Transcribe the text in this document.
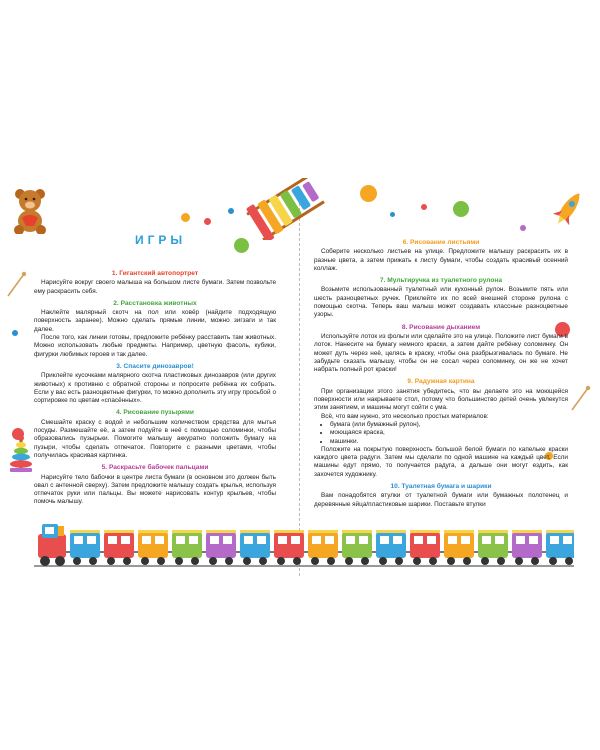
ИГРЫ
1. Гигантский автопортрет

Нарисуйте вокруг своего малыша на большом листе бумаги. Затем позвольте ему раскрасить себя.

2. Расстановка животных

Наклейте малярный скотч на пол или ковёр (найдите подходящую поверхность заранее). Можно сделать прямые линии, можно зигзаги и так далее.

После того, как линии готовы, предложите ребёнку расставить там животных. Можно использовать любые предметы. Например, цветную фасоль, кубики, фигурки любимых героев и так далее.

3. Спасите динозавров!

Приклейте кусочками малярного скотча пластиковых динозавров (или других животных) к противню с обратной стороны и попросите ребёнка их собрать. Если у вас есть разноцветные фигурки, то можно дополнить эту игру просьбой о сортировке по цветам «спасённых».

4. Рисование пузырями

Смешайте краску с водой и небольшим количеством средства для мытья посуды. Размешайте её, а затем подуйте в неё с помощью соломинки, чтобы образовались пузырьки. Помогите малышу аккуратно положить бумагу на пузыри, чтобы сделать отпечаток. Повторите с разными цветами, чтобы получилась красивая картинка.

5. Раскрасьте бабочек пальцами

Нарисуйте тело бабочки в центре листа бумаги (в основном это должен быть овал с антенной сверху). Затем предложите малышу создать крылья, используя отпечаток руки или пальцы. Вы можете нарисовать контур крыльев, чтобы помочь малышу.

6. Рисование листьями

Соберите несколько листьев на улице. Предложите малышу раскрасить их в разные цвета, а затем прижать к листу бумаги, чтобы создать красивый осенний коллаж.

7. Мультиручка из туалетного рулона

Возьмите использованный туалетный или кухонный рулон. Возьмите пять или шесть разноцветных ручек. Приклейте их по всей внешней стороне рулона с помощью скотча. Теперь ваш малыш может создавать классные разноцветные узоры.

8. Рисование дыханием

Используйте лоток из фольги или сделайте это на улице. Положите лист бумаги в лоток. Нанесите на бумагу немного краски, а затем дайте ребёнку соломинку. Он может дуть через неё, целясь в краску, чтобы она разбрызгивалась по бумаге. Не забудьте сказать малышу, чтобы он не сосал через соломинку, он же не хочет набрать полный рот краски!

9. Радужная картина

При организации этого занятия убедитесь, что вы делаете это на моющейся поверхности или накрываете стол, потому что большинство детей очень увлекутся этим занятием, и машины могут сойти с ума.

Всё, что вам нужно, это несколько простых материалов:

• бумага (или бумажный рулон),
• моющаяся краска,
• машинки.

Положите на покрытую поверхность большой белой бумаги по капельке краски каждого цвета радуги. Затем мы сделали по одной машине на каждый цвет. Если машины едут прямо, то получается радуга, а дальше они могут ездить, как захочется художнику.

10. Туалетная бумага и шарики

Вам понадобятся втулки от туалетной бумаги или бумажных полотенец и деревянные яйца/пластиковые шарики. Поставьте втулки
